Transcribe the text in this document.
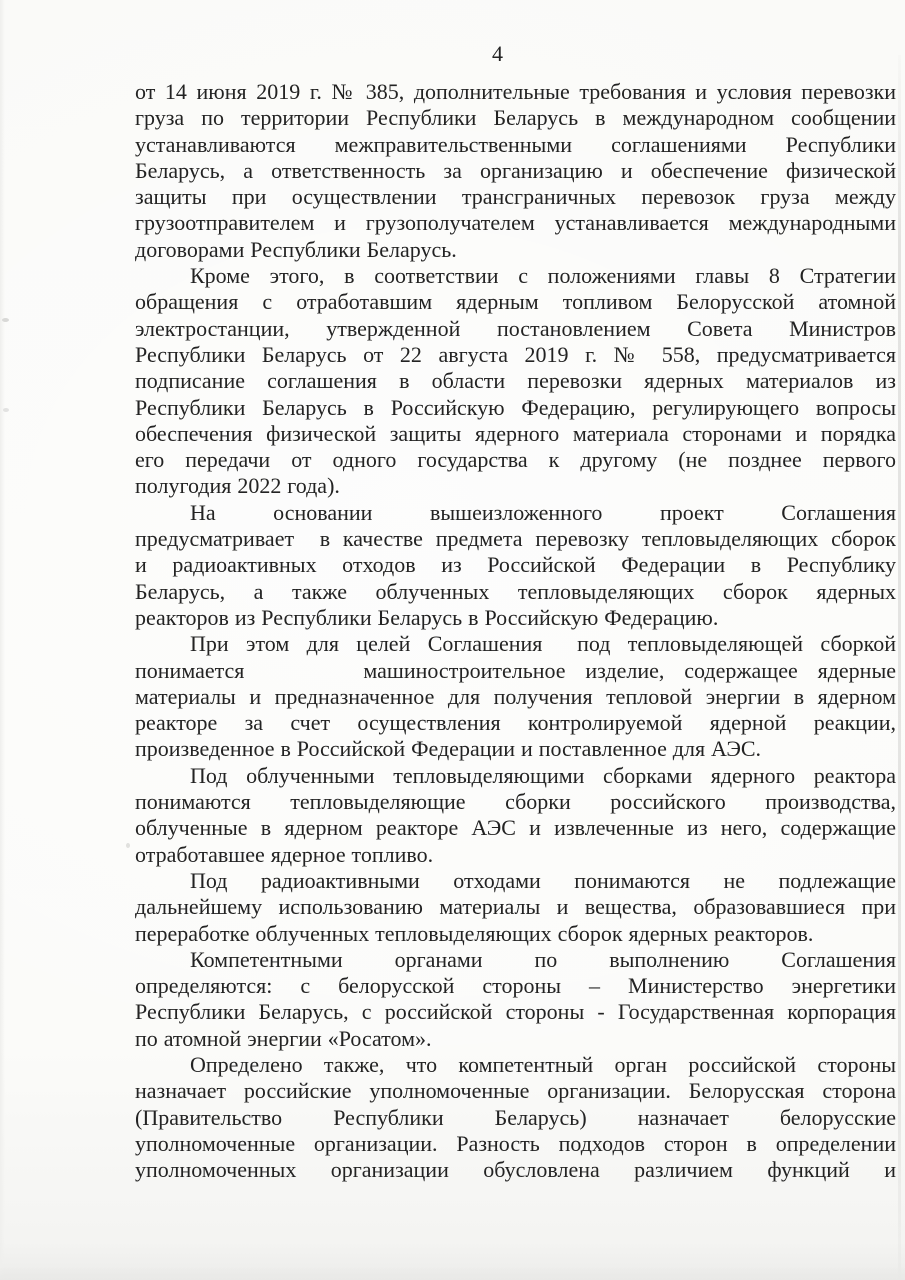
4
от 14 июня 2019 г. № 385, дополнительные требования и условия перевозки
груза по территории Республики Беларусь в международном сообщении
устанавливаются межправительственными соглашениями Республики
Беларусь, а ответственность за организацию и обеспечение физической
защиты при осуществлении трансграничных перевозок груза между
грузоотправителем и грузополучателем устанавливается международными
договорами Республики Беларусь.
Кроме этого, в соответствии с положениями главы 8 Стратегии
обращения с отработавшим ядерным топливом Белорусской атомной
электростанции, утвержденной постановлением Совета Министров
Республики Беларусь от 22 августа 2019 г. № 558, предусматривается
подписание соглашения в области перевозки ядерных материалов из
Республики Беларусь в Российскую Федерацию, регулирующего вопросы
обеспечения физической защиты ядерного материала сторонами и порядка
его передачи от одного государства к другому (не позднее первого
полугодия 2022 года).
На основании вышеизложенного проект Соглашения
предусматривает  в качестве предмета перевозку тепловыделяющих сборок
и радиоактивных отходов из Российской Федерации в Республику
Беларусь, а также облученных тепловыделяющих сборок ядерных
реакторов из Республики Беларусь в Российскую Федерацию.
При этом для целей Соглашения  под тепловыделяющей сборкой
понимается      машиностроительное изделие, содержащее ядерные
материалы и предназначенное для получения тепловой энергии в ядерном
реакторе за счет осуществления контролируемой ядерной реакции,
произведенное в Российской Федерации и поставленное для АЭС.
Под облученными тепловыделяющими сборками ядерного реактора
понимаются тепловыделяющие сборки российского производства,
облученные в ядерном реакторе АЭС и извлеченные из него, содержащие
отработавшее ядерное топливо.
Под радиоактивными отходами понимаются не подлежащие
дальнейшему использованию материалы и вещества, образовавшиеся при
переработке облученных тепловыделяющих сборок ядерных реакторов.
Компетентными органами по выполнению Соглашения
определяются: с белорусской стороны – Министерство энергетики
Республики Беларусь, с российской стороны - Государственная корпорация
по атомной энергии «Росатом».
Определено также, что компетентный орган российской стороны
назначает российские уполномоченные организации. Белорусская сторона
(Правительство Республики Беларусь) назначает белорусские
уполномоченные организации. Разность подходов сторон в определении
уполномоченных организации обусловлена различием функций и
